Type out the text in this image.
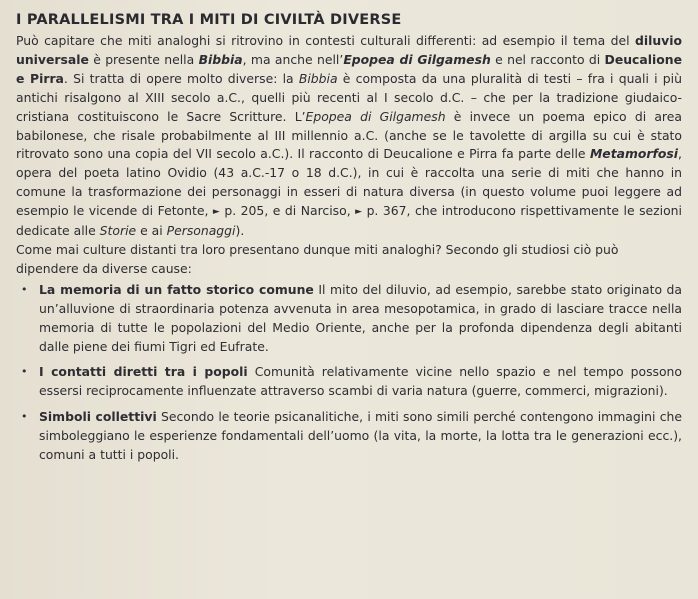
I PARALLELISMI TRA I MITI DI CIVILTÀ DIVERSE

Può capitare che miti analoghi si ritrovino in contesti culturali differenti: ad esempio il tema del diluvio universale è presente nella Bibbia, ma anche nell’Epopea di Gilgamesh e nel racconto di Deucalione e Pirra. Si tratta di opere molto diverse: la Bibbia è composta da una pluralità di testi – fra i quali i più antichi risalgono al XIII secolo a.C., quelli più recenti al I secolo d.C. – che per la tradizione giudaico-cristiana costituiscono le Sacre Scritture. L’Epopea di Gilgamesh è invece un poema epico di area babilonese, che risale probabilmente al III millennio a.C. (anche se le tavolette di argilla su cui è stato ritrovato sono una copia del VII secolo a.C.). Il racconto di Deucalione e Pirra fa parte delle Metamorfosi, opera del poeta latino Ovidio (43 a.C.-17 o 18 d.C.), in cui è raccolta una serie di miti che hanno in comune la trasformazione dei personaggi in esseri di natura diversa (in questo volume puoi leggere ad esempio le vicende di Fetonte, ► p. 205, e di Narciso, ► p. 367, che introducono rispettivamente le sezioni dedicate alle Storie e ai Personaggi).

Come mai culture distanti tra loro presentano dunque miti analoghi? Secondo gli studiosi ciò può dipendere da diverse cause:

• La memoria di un fatto storico comune Il mito del diluvio, ad esempio, sarebbe stato originato da un’alluvione di straordinaria potenza avvenuta in area mesopotamica, in grado di lasciare tracce nella memoria di tutte le popolazioni del Medio Oriente, anche per la profonda dipendenza degli abitanti dalle piene dei fiumi Tigri ed Eufrate.
• I contatti diretti tra i popoli Comunità relativamente vicine nello spazio e nel tempo possono essersi reciprocamente influenzate attraverso scambi di varia natura (guerre, commerci, migrazioni).
• Simboli collettivi Secondo le teorie psicanalitiche, i miti sono simili perché contengono immagini che simboleggiano le esperienze fondamentali dell’uomo (la vita, la morte, la lotta tra le generazioni ecc.), comuni a tutti i popoli.
